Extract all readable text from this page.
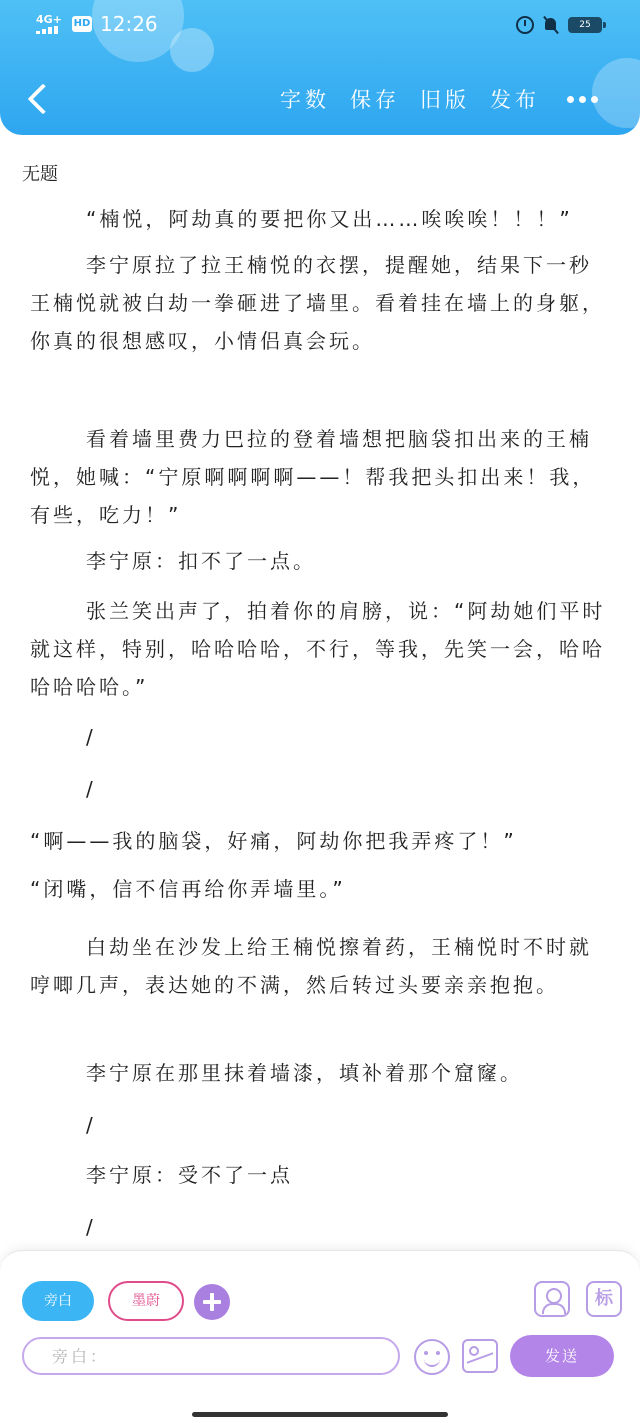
4G+ HD 12:26	25
字数 保存 旧版 发布
无题
“楠悦，阿劫真的要把你又出……唉唉唉！！！”
李宁原拉了拉王楠悦的衣摆，提醒她，结果下一秒王楠悦就被白劫一拳砸进了墙里。看着挂在墙上的身躯，你真的很想感叹，小情侣真会玩。
看着墙里费力巴拉的登着墙想把脑袋扣出来的王楠悦，她喊：“宁原啊啊啊啊——！帮我把头扣出来！我，有些，吃力！”
李宁原：扣不了一点。
张兰笑出声了，拍着你的肩膀，说：“阿劫她们平时就这样，特别，哈哈哈哈，不行，等我，先笑一会，哈哈哈哈哈哈。”
/
/
“啊——我的脑袋，好痛，阿劫你把我弄疼了！”
“闭嘴，信不信再给你弄墙里。”
白劫坐在沙发上给王楠悦擦着药，王楠悦时不时就哼唧几声，表达她的不满，然后转过头要亲亲抱抱。
李宁原在那里抹着墙漆，填补着那个窟窿。
/
李宁原：受不了一点
/
旁白	墨蔚	标
旁白：
发送
